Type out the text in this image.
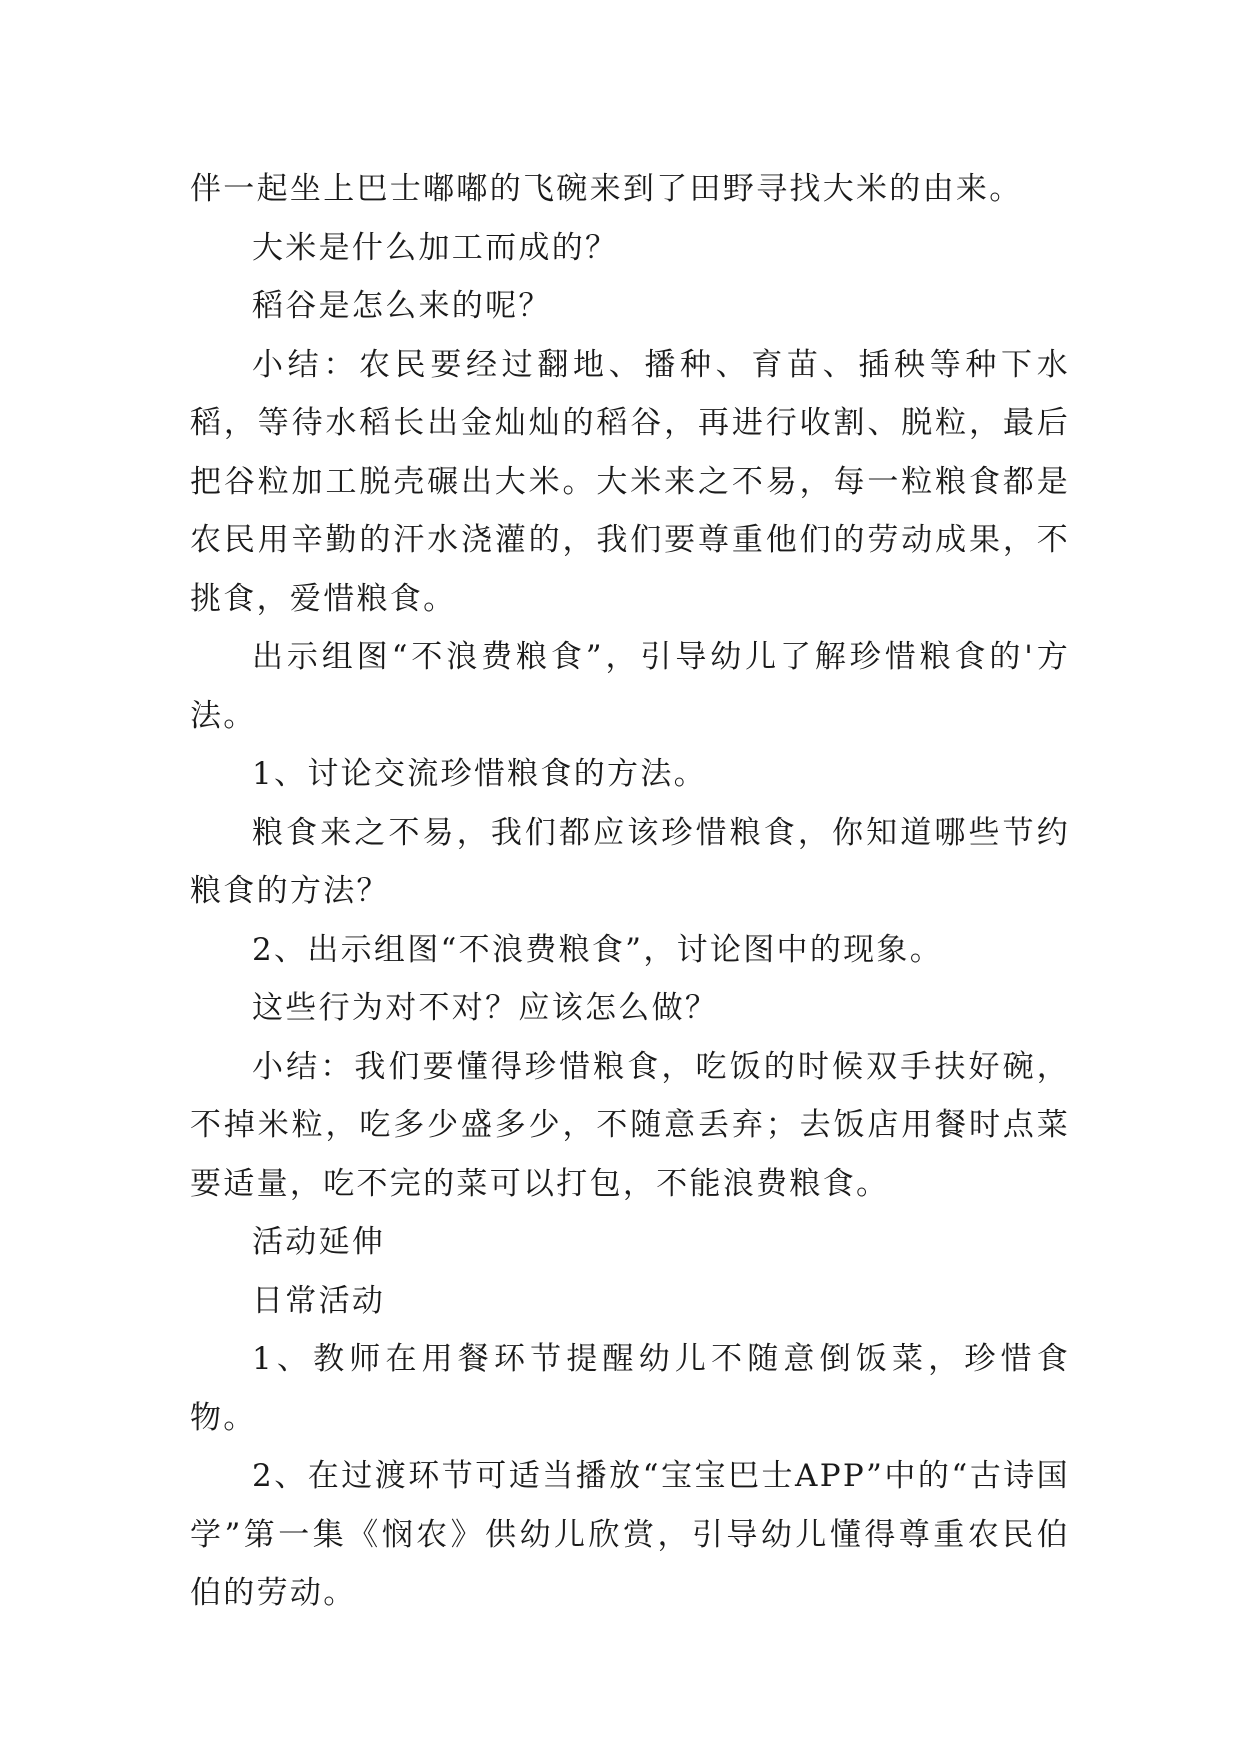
伴一起坐上巴士嘟嘟的飞碗来到了田野寻找大米的由来。

大米是什么加工而成的？

稻谷是怎么来的呢？

小结：农民要经过翻地、播种、育苗、插秧等种下水稻，等待水稻长出金灿灿的稻谷，再进行收割、脱粒，最后把谷粒加工脱壳碾出大米。大米来之不易，每一粒粮食都是农民用辛勤的汗水浇灌的，我们要尊重他们的劳动成果，不挑食，爱惜粮食。

出示组图“不浪费粮食”，引导幼儿了解珍惜粮食的'方法。

1、讨论交流珍惜粮食的方法。

粮食来之不易，我们都应该珍惜粮食，你知道哪些节约粮食的方法？

2、出示组图“不浪费粮食”，讨论图中的现象。

这些行为对不对？应该怎么做？

小结：我们要懂得珍惜粮食，吃饭的时候双手扶好碗，不掉米粒，吃多少盛多少，不随意丢弃；去饭店用餐时点菜要适量，吃不完的菜可以打包，不能浪费粮食。

活动延伸

日常活动

1、教师在用餐环节提醒幼儿不随意倒饭菜，珍惜食物。

2、在过渡环节可适当播放“宝宝巴士APP”中的“古诗国学”第一集《悯农》供幼儿欣赏，引导幼儿懂得尊重农民伯伯的劳动。
